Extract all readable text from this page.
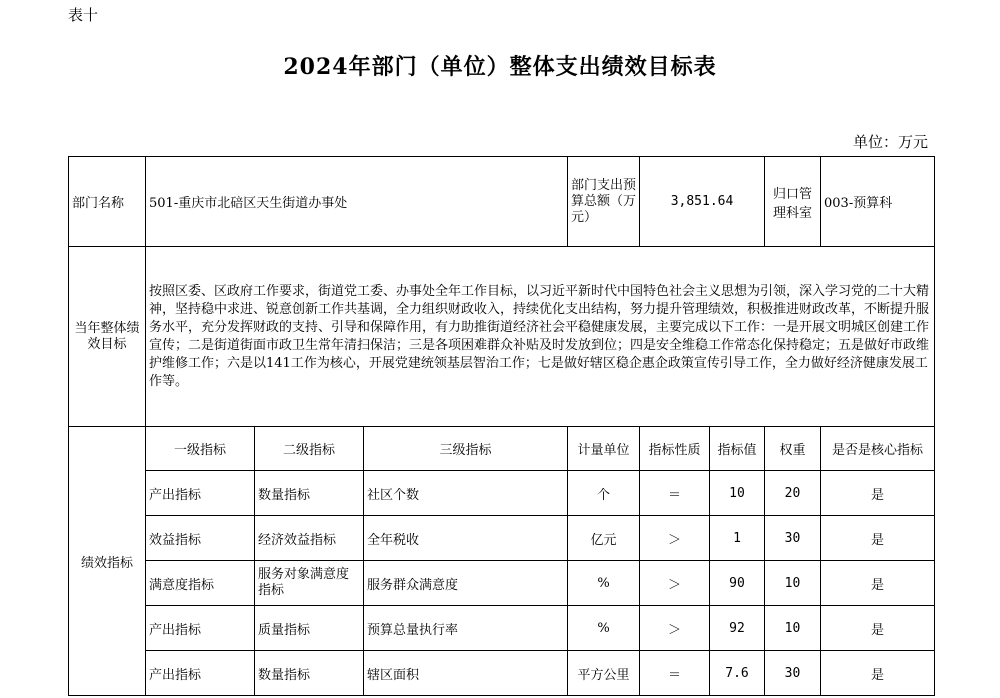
表十
2024年部门（单位）整体支出绩效目标表
单位：万元
部门名称	501-重庆市北碚区天生街道办事处			部门支出预算总额（万元）	3,851.64		归口管理科室	003-预算科
当年整体绩效目标	按照区委、区政府工作要求，街道党工委、办事处全年工作目标，以习近平新时代中国特色社会主义思想为引领，深入学习党的二十大精神，坚持稳中求进、锐意创新工作共基调，全力组织财政收入，持续优化支出结构，努力提升管理绩效，积极推进财政改革，不断提升服务水平，充分发挥财政的支持、引导和保障作用，有力助推街道经济社会平稳健康发展，主要完成以下工作：一是开展文明城区创建工作宣传；二是街道街面市政卫生常年清扫保洁；三是各项困难群众补贴及时发放到位；四是安全维稳工作常态化保持稳定；五是做好市政维护维修工作；六是以141工作为核心，开展党建统领基层智治工作；七是做好辖区稳企惠企政策宣传引导工作，全力做好经济健康发展工作等。							
绩效指标	一级指标	二级指标	三级指标	计量单位	指标性质	指标值	权重	是否是核心指标
	产出指标	数量指标	社区个数	个	＝	10	20	是
	效益指标	经济效益指标	全年税收	亿元	＞	1	30	是
	满意度指标	服务对象满意度指标	服务群众满意度	%	＞	90	10	是
	产出指标	质量指标	预算总量执行率	%	＞	92	10	是
	产出指标	数量指标	辖区面积	平方公里	＝	7.6	30	是
